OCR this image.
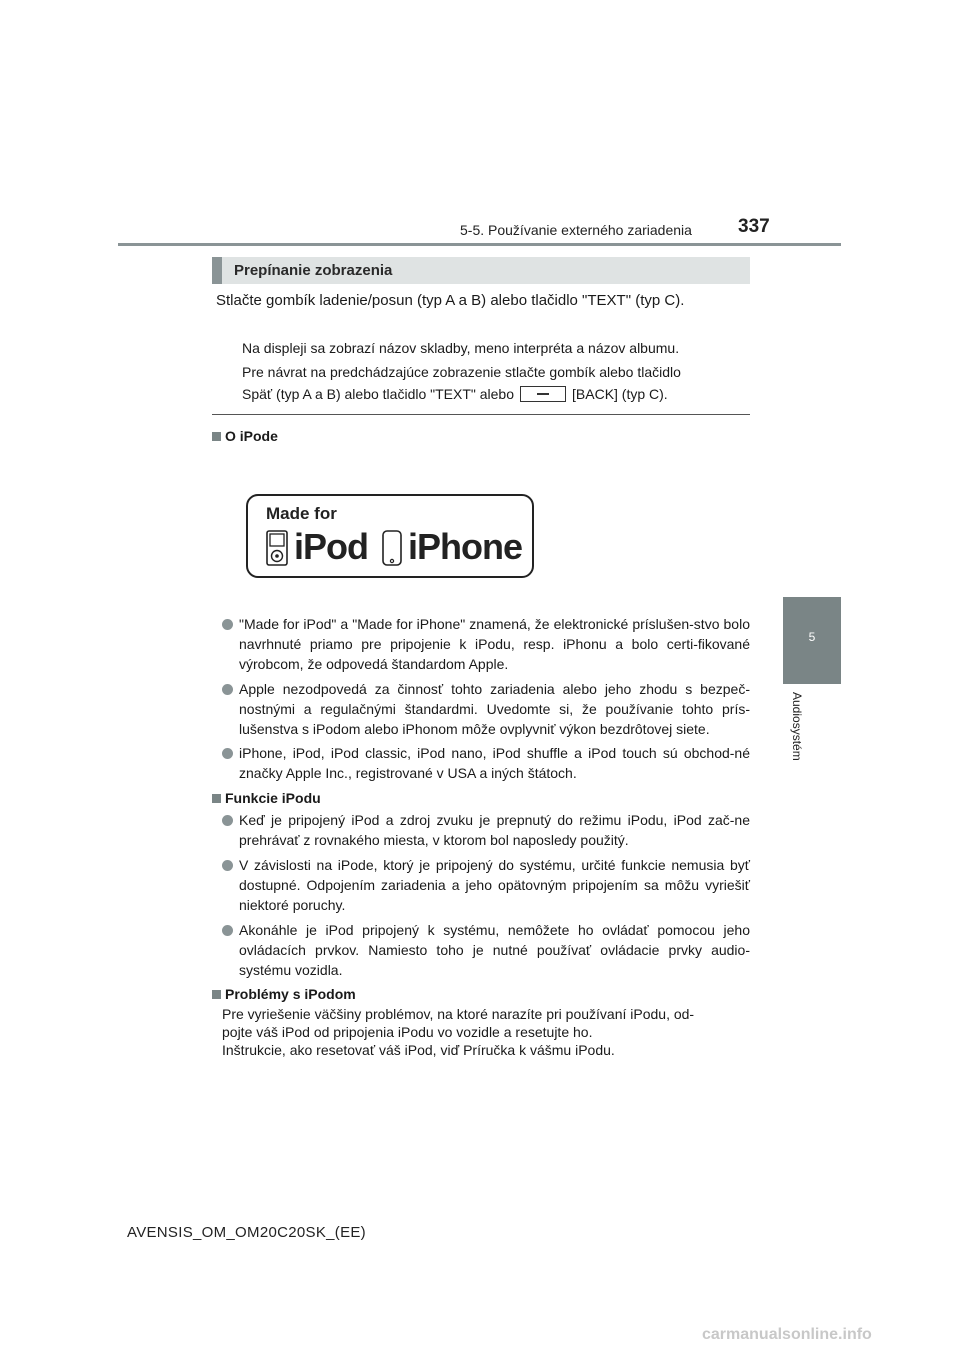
5-5. Používanie externého zariadenia 337
5
Audiosystém
Prepínanie zobrazenia
Stlačte gombík ladenie/posun (typ A a B) alebo tlačidlo "TEXT" (typ C).
Na displeji sa zobrazí názov skladby, meno interpréta a názov albumu.
Pre návrat na predchádzajúce zobrazenie stlačte gombík alebo tlačidlo
Späť (typ A a B) alebo tlačidlo "TEXT" alebo	[BACK] (typ C).
O iPode
Made for
iPod iPhone
"Made for iPod" a "Made for iPhone" znamená, že elektronické príslušen-stvo bolo navrhnuté priamo pre pripojenie k iPodu, resp. iPhonu a bolo certi-fikované výrobcom, že odpovedá štandardom Apple.
Apple nezodpovedá za činnosť tohto zariadenia alebo jeho zhodu s bezpeč-nostnými a regulačnými štandardmi. Uvedomte si, že používanie tohto prís-lušenstva s iPodom alebo iPhonom môže ovplyvniť výkon bezdrôtovej siete.
iPhone, iPod, iPod classic, iPod nano, iPod shuffle a iPod touch sú obchod-né značky Apple Inc., registrované v USA a iných štátoch.
Funkcie iPodu
Keď je pripojený iPod a zdroj zvuku je prepnutý do režimu iPodu, iPod zač-ne prehrávať z rovnakého miesta, v ktorom bol naposledy použitý.
V závislosti na iPode, ktorý je pripojený do systému, určité funkcie nemusia byť dostupné. Odpojením zariadenia a jeho opätovným pripojením sa môžu vyriešiť niektoré poruchy.
Akonáhle je iPod pripojený k systému, nemôžete ho ovládať pomocou jeho ovládacích prvkov. Namiesto toho je nutné používať ovládacie prvky audio-systému vozidla.
Problémy s iPodom
Pre vyriešenie väčšiny problémov, na ktoré narazíte pri používaní iPodu, od-
pojte váš iPod od pripojenia iPodu vo vozidle a resetujte ho.
Inštrukcie, ako resetovať váš iPod, viď Príručka k vášmu iPodu.
AVENSIS_OM_OM20C20SK_(EE)
carmanualsonline.info
